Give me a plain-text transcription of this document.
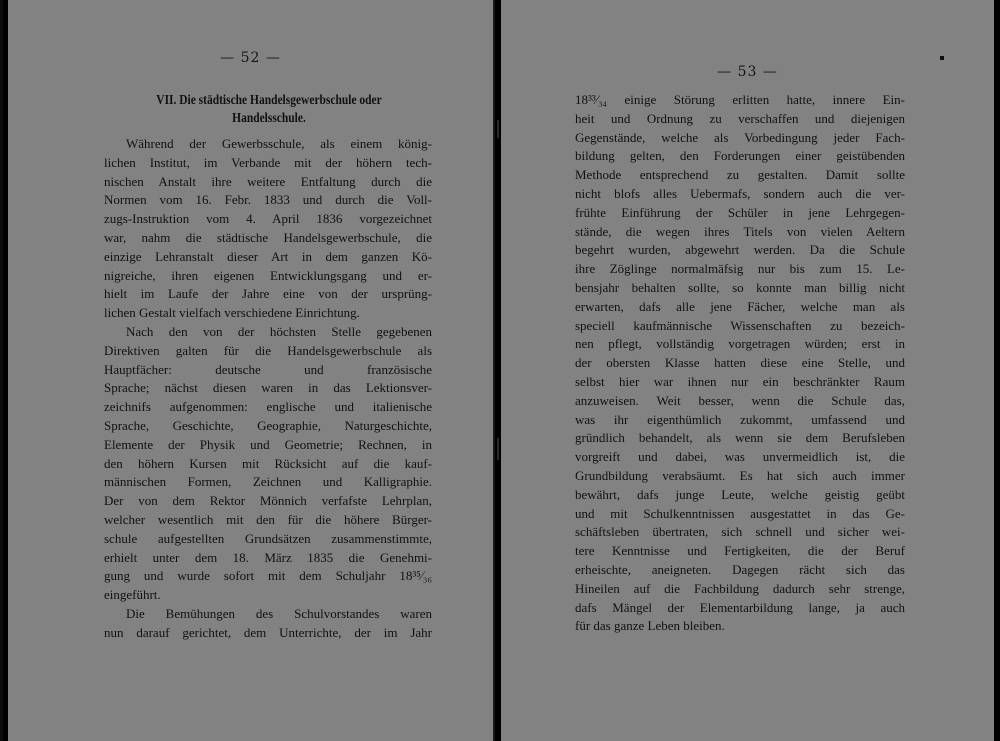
— 52 —
VII. Die städtische Handelsgewerbschule oder
Handelsschule.
Während der Gewerbsschule, als einem könig-
lichen Institut, im Verbande mit der höhern tech-
nischen Anstalt ihre weitere Entfaltung durch die
Normen vom 16. Febr. 1833 und durch die Voll-
zugs-Instruktion vom 4. April 1836 vorgezeichnet
war, nahm die städtische Handelsgewerbschule, die
einzige Lehranstalt dieser Art in dem ganzen Kö-
nigreiche, ihren eigenen Entwicklungsgang und er-
hielt im Laufe der Jahre eine von der ursprüng-
lichen Gestalt vielfach verschiedene Einrichtung.
Nach den von der höchsten Stelle gegebenen
Direktiven galten für die Handelsgewerbschule als
Hauptfächer: deutsche und französische
Sprache; nächst diesen waren in das Lektionsver-
zeichnifs aufgenommen: englische und italienische
Sprache, Geschichte, Geographie, Naturgeschichte,
Elemente der Physik und Geometrie; Rechnen, in
den höhern Kursen mit Rücksicht auf die kauf-
männischen Formen, Zeichnen und Kalligraphie.
Der von dem Rektor Mönnich verfafste Lehrplan,
welcher wesentlich mit den für die höhere Bürger-
schule aufgestellten Grundsätzen zusammenstimmte,
erhielt unter dem 18. März 1835 die Genehmi-
gung und wurde sofort mit dem Schuljahr 18³⁵⁄₃₆
eingeführt.
Die Bemühungen des Schulvorstandes waren
nun darauf gerichtet, dem Unterrichte, der im Jahr
— 53 —
18³³⁄₃₄ einige Störung erlitten hatte, innere Ein-
heit und Ordnung zu verschaffen und diejenigen
Gegenstände, welche als Vorbedingung jeder Fach-
bildung gelten, den Forderungen einer geistübenden
Methode entsprechend zu gestalten. Damit sollte
nicht blofs alles Uebermafs, sondern auch die ver-
frühte Einführung der Schüler in jene Lehrgegen-
stände, die wegen ihres Titels von vielen Aeltern
begehrt wurden, abgewehrt werden. Da die Schule
ihre Zöglinge normalmäfsig nur bis zum 15. Le-
bensjahr behalten sollte, so konnte man billig nicht
erwarten, dafs alle jene Fächer, welche man als
speciell kaufmännische Wissenschaften zu bezeich-
nen pflegt, vollständig vorgetragen würden; erst in
der obersten Klasse hatten diese eine Stelle, und
selbst hier war ihnen nur ein beschränkter Raum
anzuweisen. Weit besser, wenn die Schule das,
was ihr eigenthümlich zukommt, umfassend und
gründlich behandelt, als wenn sie dem Berufsleben
vorgreift und dabei, was unvermeidlich ist, die
Grundbildung verabsäumt. Es hat sich auch immer
bewährt, dafs junge Leute, welche geistig geübt
und mit Schulkenntnissen ausgestattet in das Ge-
schäftsleben übertraten, sich schnell und sicher wei-
tere Kenntnisse und Fertigkeiten, die der Beruf
erheischte, aneigneten. Dagegen rächt sich das
Hineilen auf die Fachbildung dadurch sehr strenge,
dafs Mängel der Elementarbildung lange, ja auch
für das ganze Leben bleiben.
